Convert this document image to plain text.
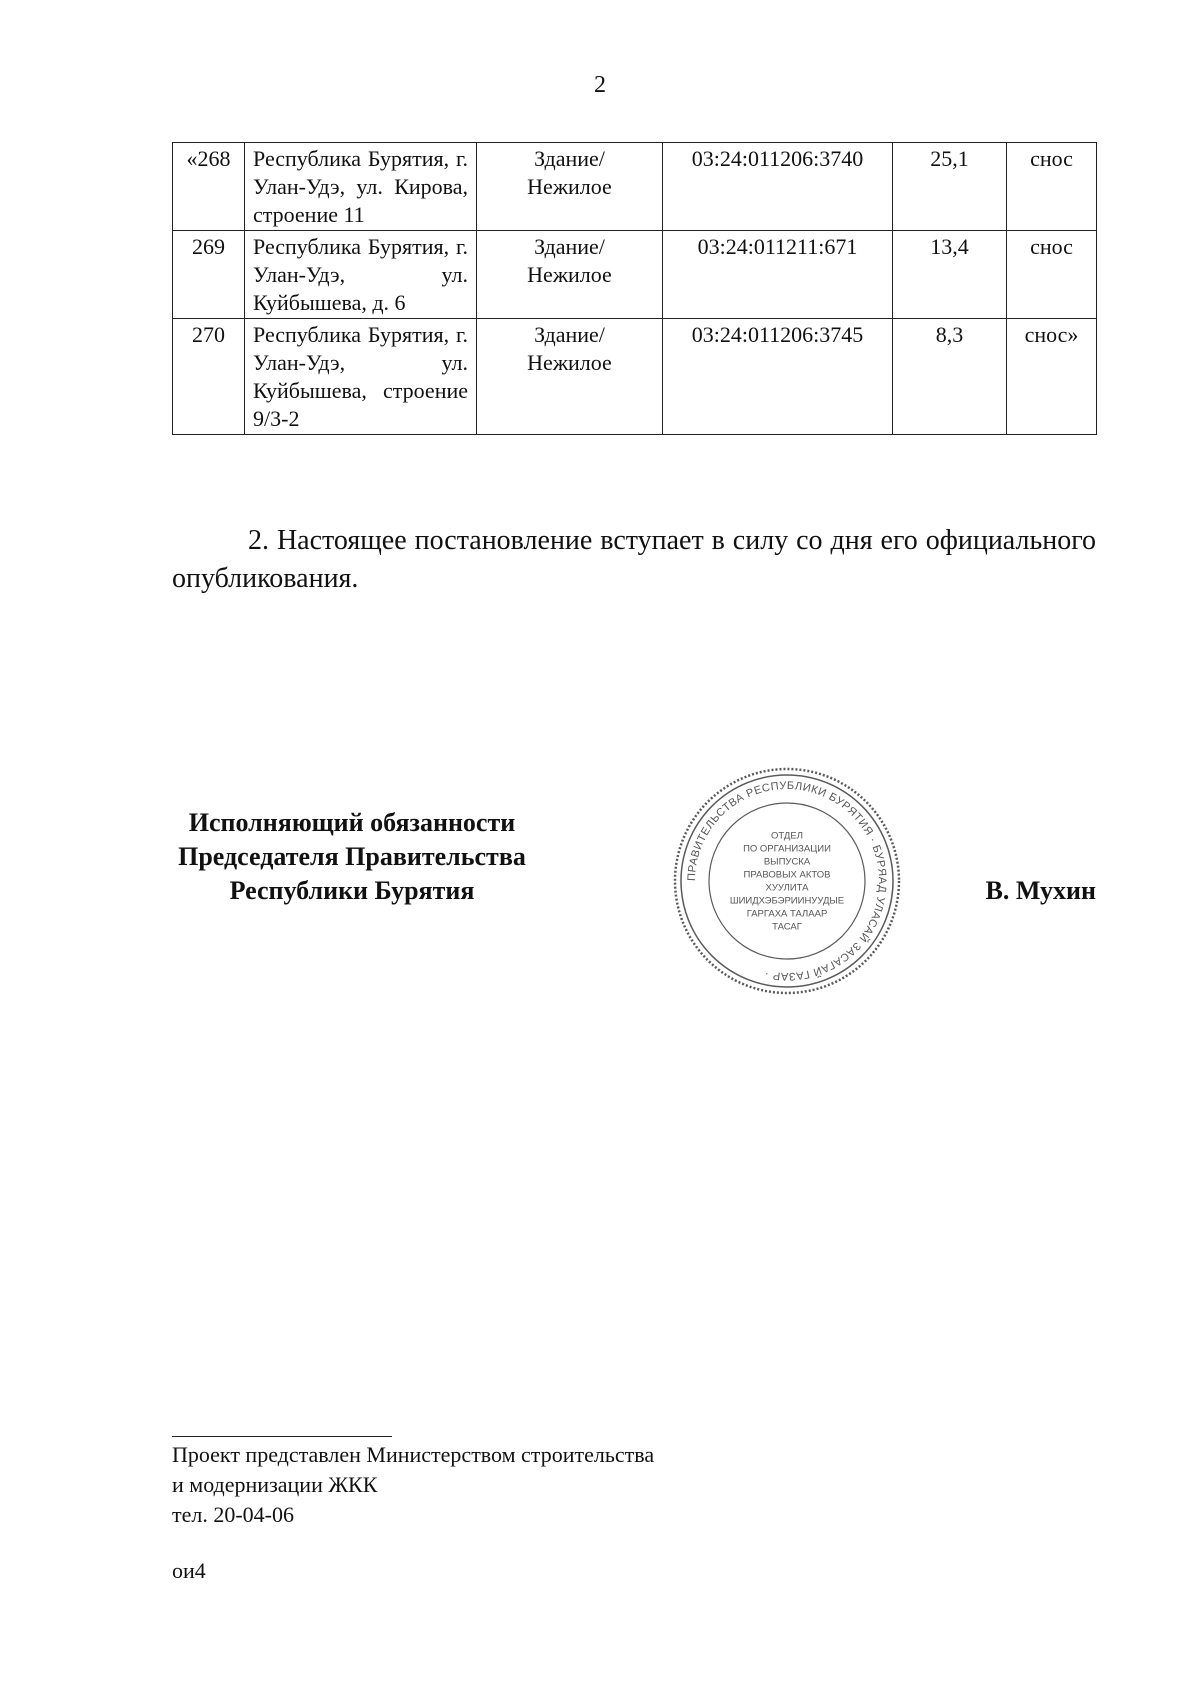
2
«268	Республика Бурятия, г. Улан-Удэ, ул. Кирова, строение 11	Здание/
Нежилое	03:24:011206:3740	25,1	снос
269	Республика Бурятия, г. Улан-Удэ, ул. Куйбышева, д. 6	Здание/
Нежилое	03:24:011211:671	13,4	снос
270	Республика Бурятия, г. Улан-Удэ, ул. Куйбышева, строение 9/3-2	Здание/
Нежилое	03:24:011206:3745	8,3	снос»
2. Настоящее постановление вступает в силу со дня его официального опубликования.
Исполняющий обязанности
Председателя Правительства
Республики Бурятия	ПРАВИТЕЛЬСТВА РЕСПУБЛИКИ БУРЯТИЯ · БУРЯАД УЛАСАЙ ЗАСАГАЙ ГАЗАР ·
ОТДЕЛ
ПО ОРГАНИЗАЦИИ
ВЫПУСКА
ПРАВОВЫХ АКТОВ
ХУУЛИТА
ШИИДХЭБЭРИИНУУДЫЕ
ГАРГАХА ТАЛААР
ТАСАГ
В. Мухин
Проект представлен Министерством строительства
и модернизации ЖКК
тел. 20-04-06
ои4
